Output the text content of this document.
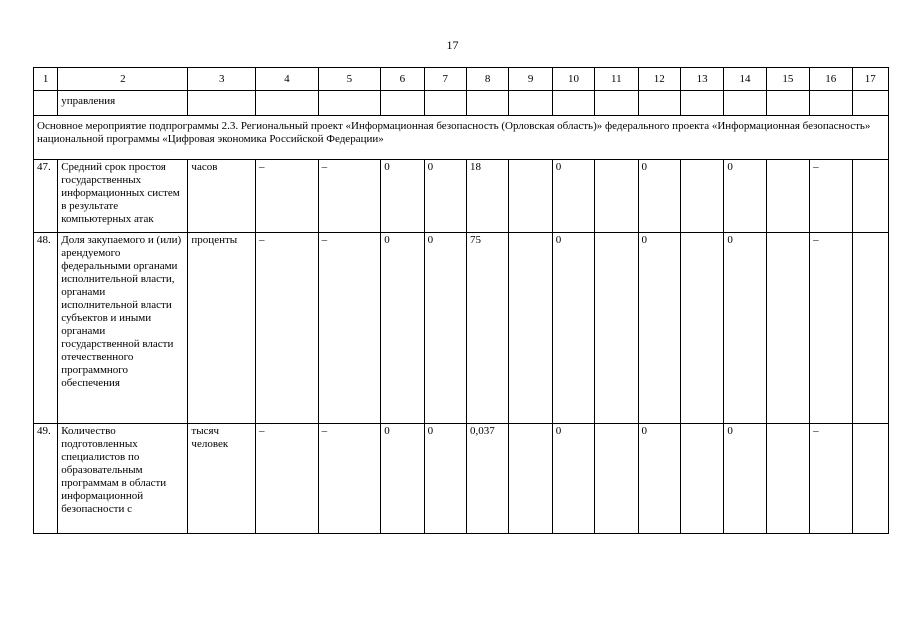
17
1	2	3	4	5	6	7	8	9	10	11	12	13	14	15	16	17
	управления															
Основное мероприятие подпрограммы 2.3. Региональный проект «Информационная безопасность (Орловская область)» федерального проекта «Информационная безопасность» национальной программы «Цифровая экономика Российской Федерации»																
47.	Средний срок простоя государственных информационных систем в результате компьютерных атак	часов	–	–	0	0	18		0		0		0		–	
48.	Доля закупаемого и (или) арендуемого федеральными органами исполнительной власти, органами исполнительной власти субъектов и иными органами государственной власти отечественного программного обеспечения	проценты	–	–	0	0	75		0		0		0		–	
49.	Количество подготовленных специалистов по образовательным программам в области информационной безопасности с	тысяч человек	–	–	0	0	0,037		0		0		0		–	
